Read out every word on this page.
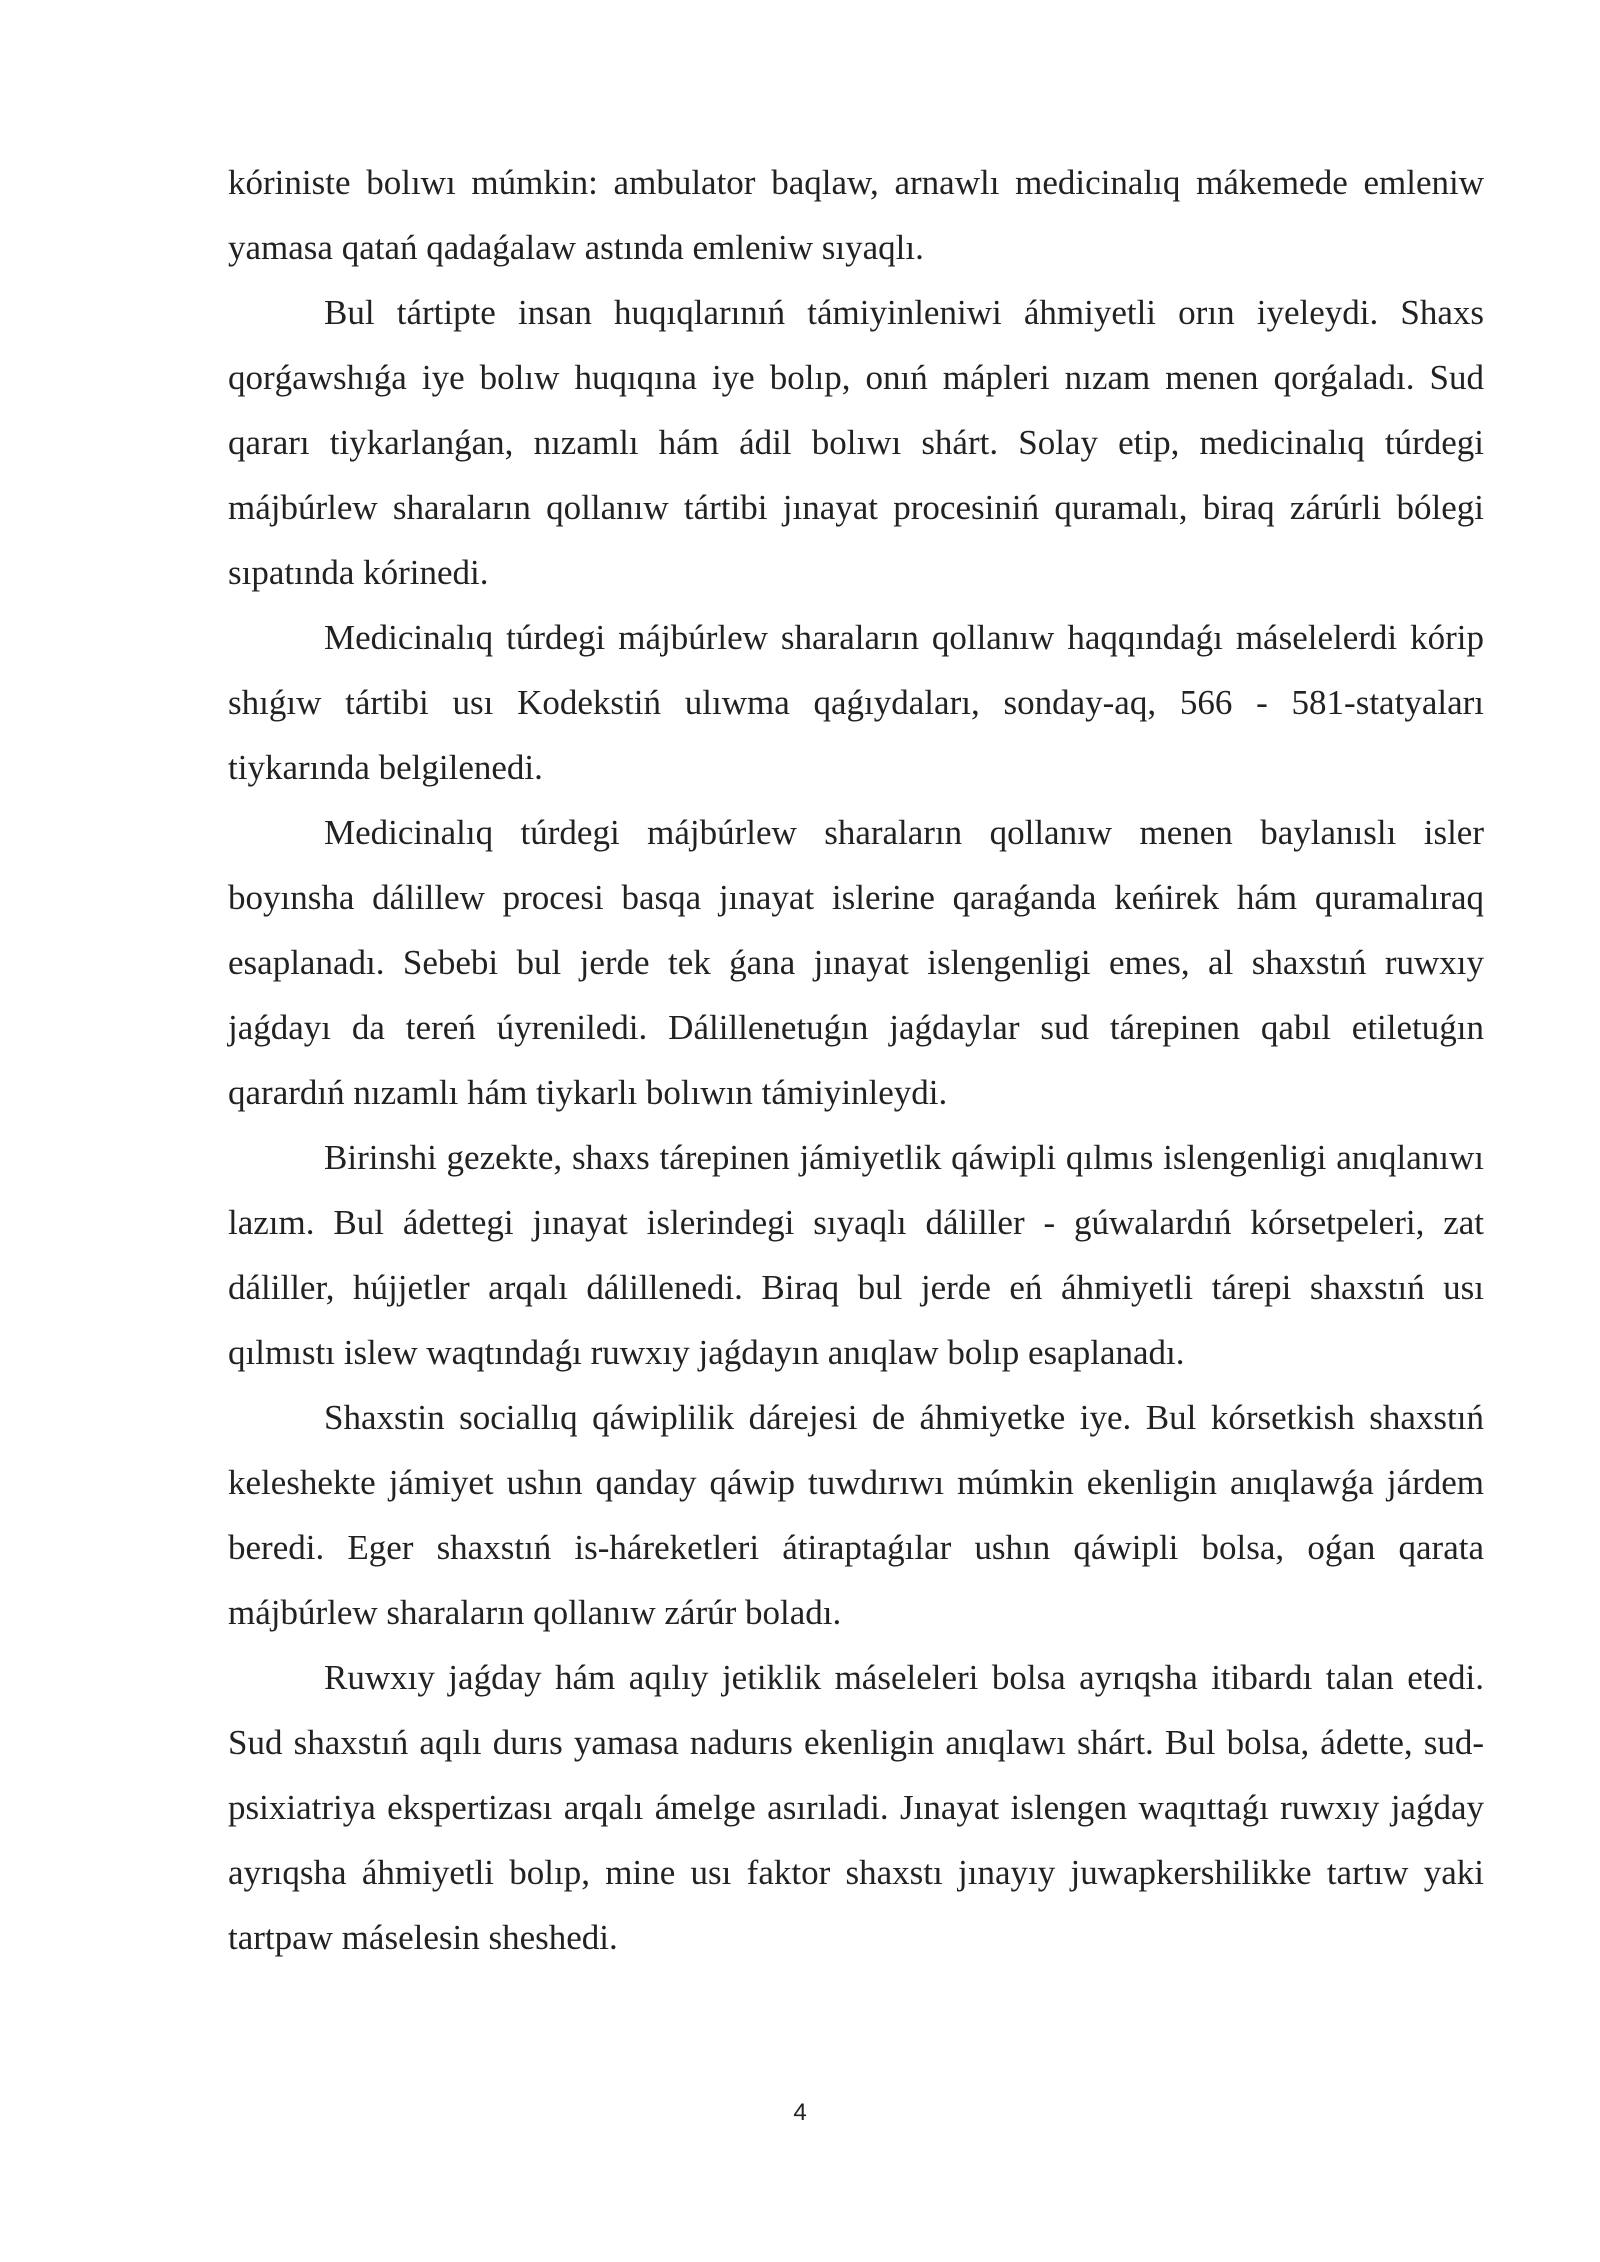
kóriniste bolıwı múmkin: ambulator baqlaw, arnawlı medicinalıq mákemede emleniw yamasa qatań qadaǵalaw astında emleniw sıyaqlı.

Bul tártipte insan huqıqlarınıń támiyinleniwi áhmiyetli orın iyeleydi. Shaxs qorǵawshıǵa iye bolıw huqıqına iye bolıp, onıń mápleri nızam menen qorǵaladı. Sud qararı tiykarlanǵan, nızamlı hám ádil bolıwı shárt. Solay etip, medicinalıq túrdegi májbúrlew sharaların qollanıw tártibi jınayat procesiniń quramalı, biraq zárúrli bólegi sıpatında kórinedi.

Medicinalıq túrdegi májbúrlew sharaların qollanıw haqqındaǵı máselelerdi kórip shıǵıw tártibi usı Kodekstiń ulıwma qaǵıydaları, sonday-aq, 566 - 581-statyaları tiykarında belgilenedi.

Medicinalıq túrdegi májbúrlew sharaların qollanıw menen baylanıslı isler boyınsha dálillew procesi basqa jınayat islerine qaraǵanda keńirek hám quramalıraq esaplanadı. Sebebi bul jerde tek ǵana jınayat islengenligi emes, al shaxstıń ruwxıy jaǵdayı da tereń úyreniledi. Dálillenetuǵın jaǵdaylar sud tárepinen qabıl etiletuǵın qarardıń nızamlı hám tiykarlı bolıwın támiyinleydi.

Birinshi gezekte, shaxs tárepinen jámiyetlik qáwipli qılmıs islengenligi anıqlanıwı lazım. Bul ádettegi jınayat islerindegi sıyaqlı dáliller - gúwalardıń kórsetpeleri, zat dáliller, hújjetler arqalı dálillenedi. Biraq bul jerde eń áhmiyetli tárepi shaxstıń usı qılmıstı islew waqtındaǵı ruwxıy jaǵdayın anıqlaw bolıp esaplanadı.

Shaxstin sociallıq qáwiplilik dárejesi de áhmiyetke iye. Bul kórsetkish shaxstıń keleshekte jámiyet ushın qanday qáwip tuwdırıwı múmkin ekenligin anıqlawǵa járdem beredi. Eger shaxstıń is-háreketleri átiraptaǵılar ushın qáwipli bolsa, oǵan qarata májbúrlew sharaların qollanıw zárúr boladı.

Ruwxıy jaǵday hám aqılıy jetiklik máseleleri bolsa ayrıqsha itibardı talan etedi. Sud shaxstıń aqılı durıs yamasa nadurıs ekenligin anıqlawı shárt. Bul bolsa, ádette, sud-psixiatriya ekspertizası arqalı ámelge asırıladi. Jınayat islengen waqıttaǵı ruwxıy jaǵday ayrıqsha áhmiyetli bolıp, mine usı faktor shaxstı jınayıy juwapkershilikke tartıw yaki tartpaw máselesin sheshedi.

4
